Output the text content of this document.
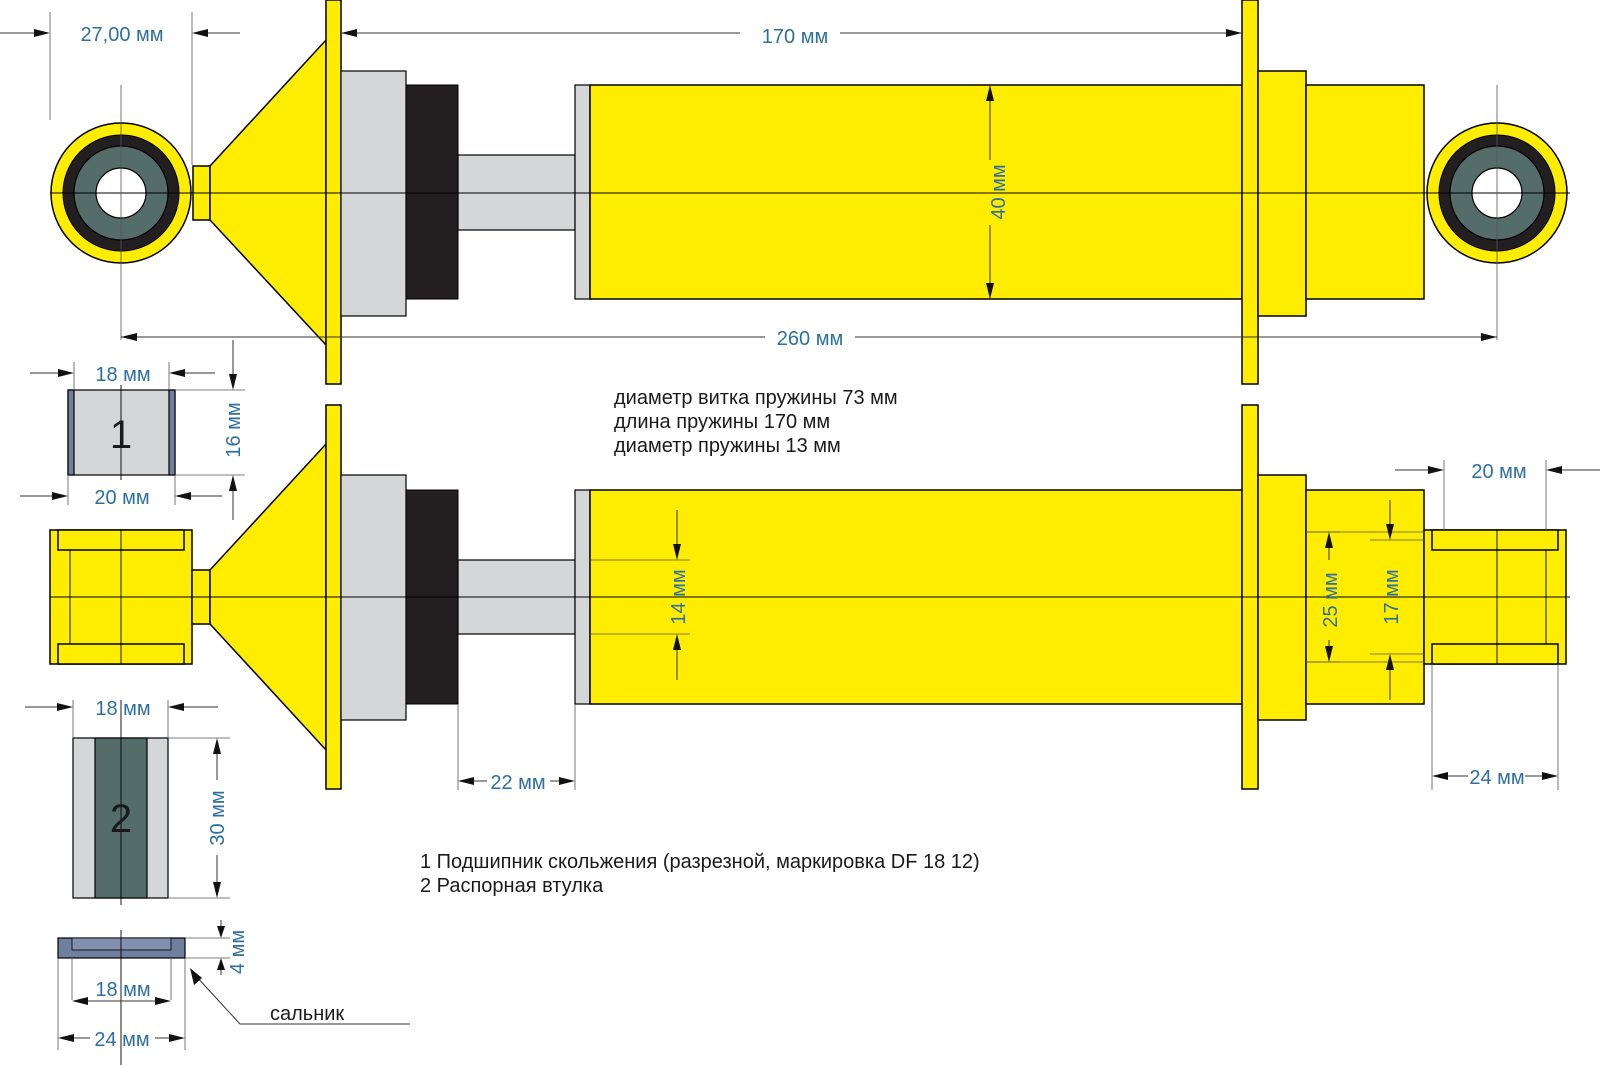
1
2
27,00 мм	170 мм
40 мм
260 мм
18 мм
16 мм
20 мм
14 мм	25 мм 17 мм
20 мм
18 мм
30 мм
22 мм	24 мм
4 мм
18 мм
24 мм
диаметр витка пружины 73 мм
длина пружины 170 мм
диаметр пружины 13 мм
1 Подшипник скольжения (разрезной, маркировка DF 18 12)
2 Распорная втулка
сальник
